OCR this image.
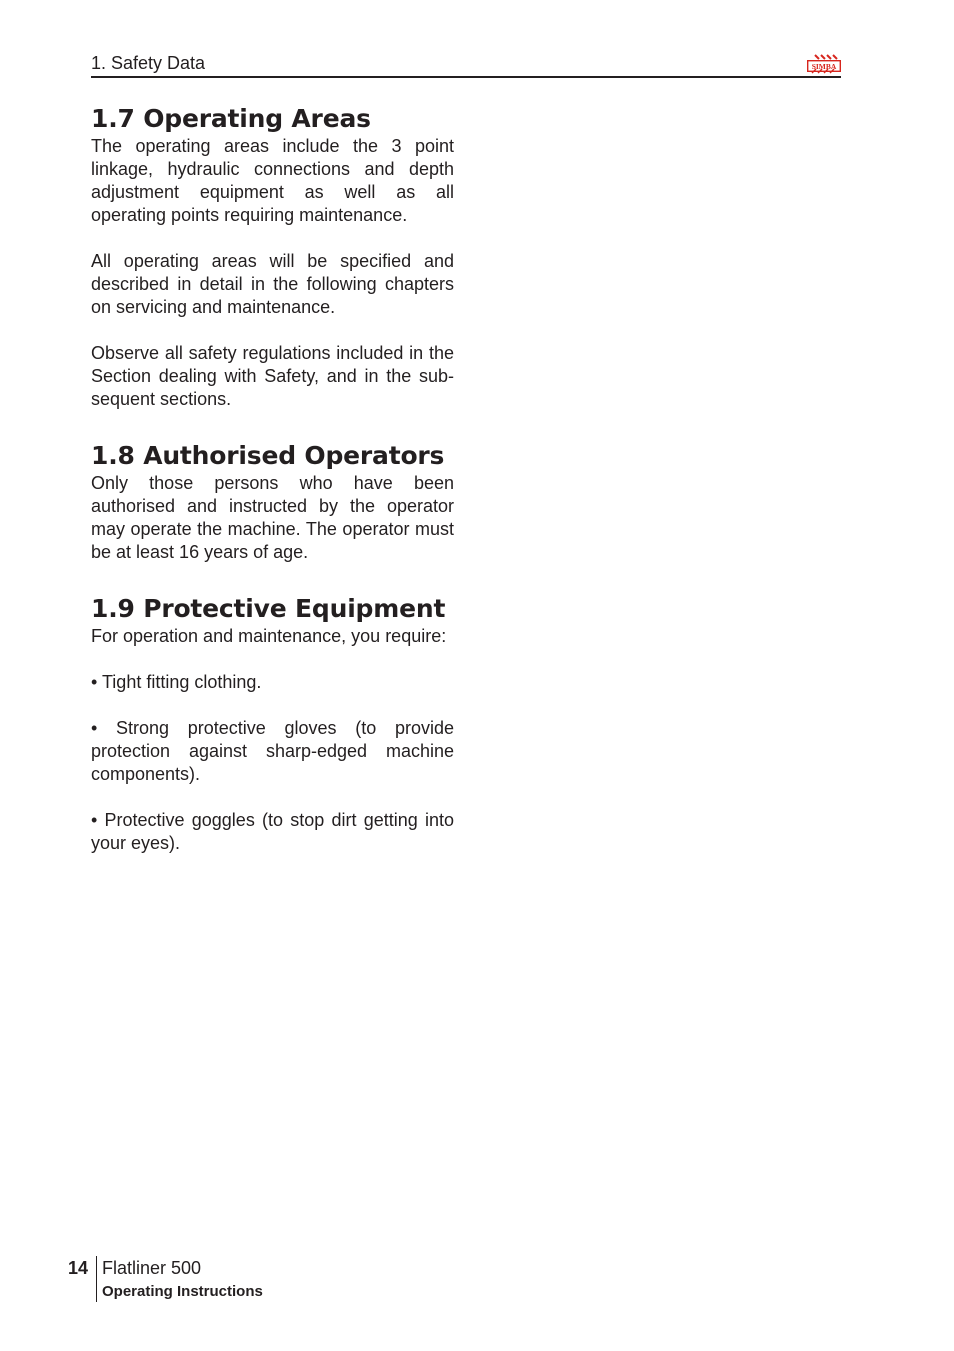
1. Safety Data	SIMBA
1.7 Operating Areas

The operating areas include the 3 point linkage, hydraulic connections and depth adjustment equipment as well as all operating points requiring maintenance.

All operating areas will be specified and described in detail in the following chapters on servicing and maintenance.

Observe all safety regulations included in the Section dealing with Safety, and in the sub-sequent sections.

1.8 Authorised Operators

Only those persons who have been authorised and instructed by the operator may operate the machine. The operator must be at least 16 years of age.

1.9 Protective Equipment

For operation and maintenance, you require:

• Tight fitting clothing.

• Strong protective gloves (to provide protection against sharp-edged machine components).

• Protective goggles (to stop dirt getting into your eyes).

14 Flatliner 500
Operating Instructions
